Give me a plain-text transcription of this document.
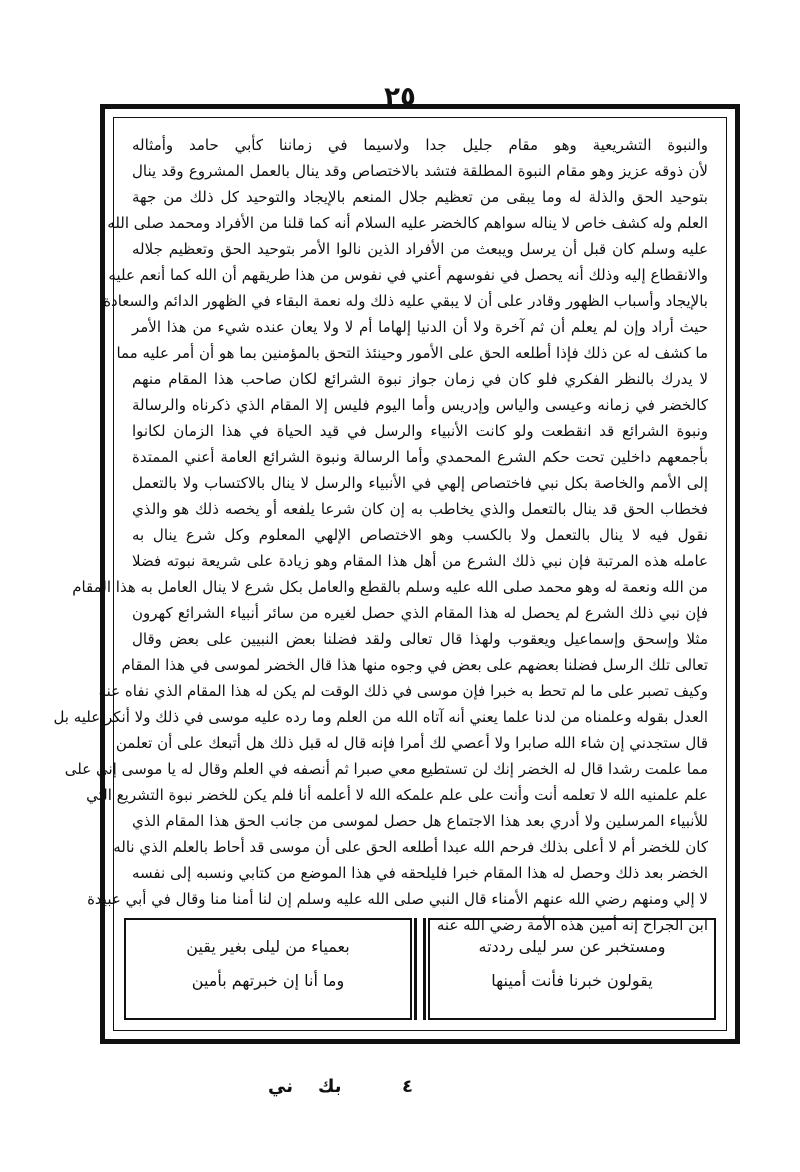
٢٥
والنبوة التشريعية وهو مقام جليل جدا ولاسيما في زماننا كأبي حامد وأمثاله
لأن ذوقه عزيز وهو مقام النبوة المطلقة فتشد بالاختصاص وقد ينال بالعمل المشروع وقد ينال
بتوحيد الحق والذلة له وما يبقى من تعظيم جلال المنعم بالإيجاد والتوحيد كل ذلك من جهة
العلم وله كشف خاص لا يناله سواهم كالخضر عليه السلام أنه كما قلنا من الأفراد ومحمد صلى الله
عليه وسلم كان قبل أن يرسل ويبعث من الأفراد الذين نالوا الأمر بتوحيد الحق وتعظيم جلاله
والانقطاع إليه وذلك أنه يحصل في نفوسهم أعني في نفوس من هذا طريقهم أن الله كما أنعم عليه
بالإيجاد وأسباب الظهور وقادر على أن لا يبقي عليه ذلك وله نعمة البقاء في الظهور الدائم والسعادة
حيث أراد وإن لم يعلم أن ثم آخرة ولا أن الدنيا إلهاما أم لا ولا يعان عنده شيء من هذا الأمر
ما كشف له عن ذلك فإذا أطلعه الحق على الأمور وحينئذ التحق بالمؤمنين بما هو أن أمر عليه مما
لا يدرك بالنظر الفكري فلو كان في زمان جواز نبوة الشرائع لكان صاحب هذا المقام منهم
كالخضر في زمانه وعيسى والياس وإدريس وأما اليوم فليس إلا المقام الذي ذكرناه والرسالة
ونبوة الشرائع قد انقطعت ولو كانت الأنبياء والرسل في قيد الحياة في هذا الزمان لكانوا
بأجمعهم داخلين تحت حكم الشرع المحمدي وأما الرسالة ونبوة الشرائع العامة أعني الممتدة
إلى الأمم والخاصة بكل نبي فاختصاص إلهي في الأنبياء والرسل لا ينال بالاكتساب ولا بالتعمل
فخطاب الحق قد ينال بالتعمل والذي يخاطب به إن كان شرعا يلفعه أو يخصه ذلك هو والذي
نقول فيه لا ينال بالتعمل ولا بالكسب وهو الاختصاص الإلهي المعلوم وكل شرع ينال به
عامله هذه المرتبة فإن نبي ذلك الشرع من أهل هذا المقام وهو زيادة على شريعة نبوته فضلا
من الله ونعمة له وهو محمد صلى الله عليه وسلم بالقطع والعامل بكل شرع لا ينال العامل به هذا المقام
فإن نبي ذلك الشرع لم يحصل له هذا المقام الذي حصل لغيره من سائر أنبياء الشرائع كهرون
مثلا وإسحق وإسماعيل ويعقوب ولهذا قال تعالى ولقد فضلنا بعض النبيين على بعض وقال
تعالى تلك الرسل فضلنا بعضهم على بعض في وجوه منها هذا قال الخضر لموسى في هذا المقام
وكيف تصبر على ما لم تحط به خبرا فإن موسى في ذلك الوقت لم يكن له هذا المقام الذي نفاه عنه
العدل بقوله وعلمناه من لدنا علما يعني أنه آتاه الله من العلم وما رده عليه موسى في ذلك ولا أنكر عليه بل
قال ستجدني إن شاء الله صابرا ولا أعصي لك أمرا فإنه قال له قبل ذلك هل أتبعك على أن تعلمن
مما علمت رشدا قال له الخضر إنك لن تستطيع معي صبرا ثم أنصفه في العلم وقال له يا موسى إني على
علم علمنيه الله لا تعلمه أنت وأنت على علم علمكه الله لا أعلمه أنا فلم يكن للخضر نبوة التشريع التي
للأنبياء المرسلين ولا أدري بعد هذا الاجتماع هل حصل لموسى من جانب الحق هذا المقام الذي
كان للخضر أم لا أعلى بذلك فرحم الله عبدا أطلعه الحق على أن موسى قد أحاط بالعلم الذي ناله
الخضر بعد ذلك وحصل له هذا المقام خبرا فليلحقه في هذا الموضع من كتابي ونسبه إلى نفسه
لا إلي ومنهم رضي الله عنهم الأمناء قال النبي صلى الله عليه وسلم إن لنا أمنا منا وقال في أبي عبيدة
ابن الجراح إنه أمين هذه الأمة رضي الله عنه
بعمياء من ليلى بغير يقين
وما أنا إن خبرتهم بأمين
ومستخبر عن سر ليلى رددته
يقولون خبرنا فأنت أمينها
٤
بك
ني
